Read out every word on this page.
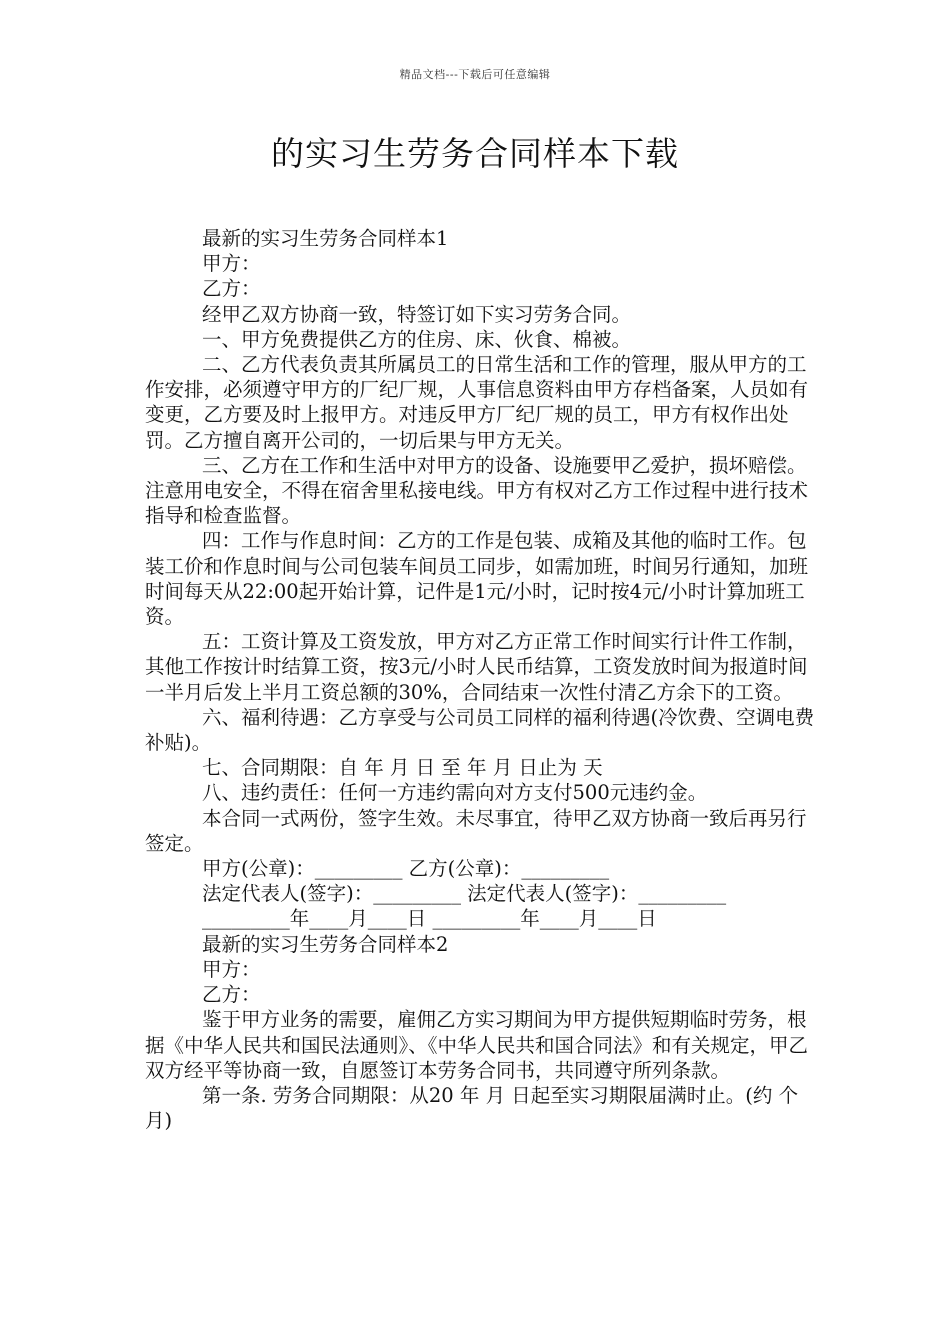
精品文档---下载后可任意编辑
的实习生劳务合同样本下载

最新的实习生劳务合同样本1

甲方：

乙方：

经甲乙双方协商一致，特签订如下实习劳务合同。

一、甲方免费提供乙方的住房、床、伙食、棉被。

二、乙方代表负责其所属员工的日常生活和工作的管理，服从甲方的工作安排，必须遵守甲方的厂纪厂规，人事信息资料由甲方存档备案，人员如有变更，乙方要及时上报甲方。对违反甲方厂纪厂规的员工，甲方有权作出处罚。乙方擅自离开公司的，一切后果与甲方无关。

三、乙方在工作和生活中对甲方的设备、设施要甲乙爱护，损坏赔偿。注意用电安全，不得在宿舍里私接电线。甲方有权对乙方工作过程中进行技术指导和检查监督。

四：工作与作息时间：乙方的工作是包装、成箱及其他的临时工作。包装工价和作息时间与公司包装车间员工同步，如需加班，时间另行通知，加班时间每天从22:00起开始计算，记件是1元/小时，记时按4元/小时计算加班工资。

五：工资计算及工资发放，甲方对乙方正常工作时间实行计件工作制，其他工作按计时结算工资，按3元/小时人民币结算，工资发放时间为报道时间一半月后发上半月工资总额的30%，合同结束一次性付清乙方余下的工资。

六、福利待遇：乙方享受与公司员工同样的福利待遇(冷饮费、空调电费补贴)。

七、合同期限：自 年 月 日 至 年 月 日止为 天

八、违约责任：任何一方违约需向对方支付500元违约金。

本合同一式两份，签字生效。未尽事宜，待甲乙双方协商一致后再另行签定。

甲方(公章)：_________ 乙方(公章)：_________

法定代表人(签字)：_________ 法定代表人(签字)：_________

_________年____月____日 _________年____月____日

最新的实习生劳务合同样本2

甲方：

乙方：

鉴于甲方业务的需要，雇佣乙方实习期间为甲方提供短期临时劳务，根据《中华人民共和国民法通则》、《中华人民共和国合同法》和有关规定，甲乙双方经平等协商一致，自愿签订本劳务合同书，共同遵守所列条款。

第一条. 劳务合同期限：从20 年 月 日起至实习期限届满时止。(约 个月)
